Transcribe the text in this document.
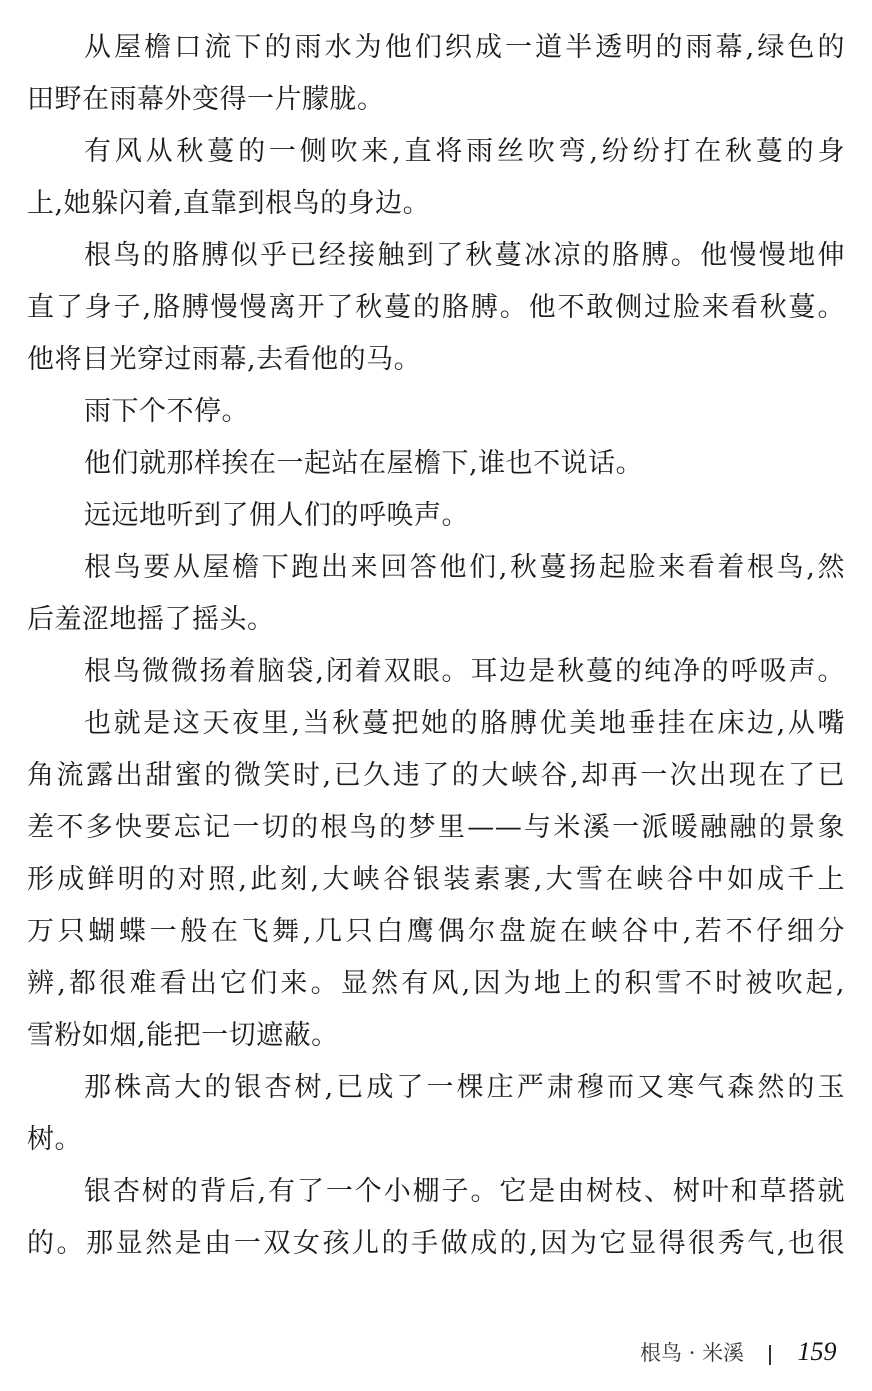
从屋檐口流下的雨水为他们织成一道半透明的雨幕,绿色的
田野在雨幕外变得一片朦胧。
有风从秋蔓的一侧吹来,直将雨丝吹弯,纷纷打在秋蔓的身
上,她躲闪着,直靠到根鸟的身边。
根鸟的胳膊似乎已经接触到了秋蔓冰凉的胳膊。他慢慢地伸
直了身子,胳膊慢慢离开了秋蔓的胳膊。他不敢侧过脸来看秋蔓。
他将目光穿过雨幕,去看他的马。
雨下个不停。
他们就那样挨在一起站在屋檐下,谁也不说话。
远远地听到了佣人们的呼唤声。
根鸟要从屋檐下跑出来回答他们,秋蔓扬起脸来看着根鸟,然
后羞涩地摇了摇头。
根鸟微微扬着脑袋,闭着双眼。耳边是秋蔓的纯净的呼吸声。
也就是这天夜里,当秋蔓把她的胳膊优美地垂挂在床边,从嘴
角流露出甜蜜的微笑时,已久违了的大峡谷,却再一次出现在了已
差不多快要忘记一切的根鸟的梦里——与米溪一派暖融融的景象
形成鲜明的对照,此刻,大峡谷银装素裹,大雪在峡谷中如成千上
万只蝴蝶一般在飞舞,几只白鹰偶尔盘旋在峡谷中,若不仔细分
辨,都很难看出它们来。显然有风,因为地上的积雪不时被吹起,
雪粉如烟,能把一切遮蔽。
那株高大的银杏树,已成了一棵庄严肃穆而又寒气森然的玉
树。
银杏树的背后,有了一个小棚子。它是由树枝、树叶和草搭就
的。那显然是由一双女孩儿的手做成的,因为它显得很秀气,也很
根鸟 · 米溪 159
